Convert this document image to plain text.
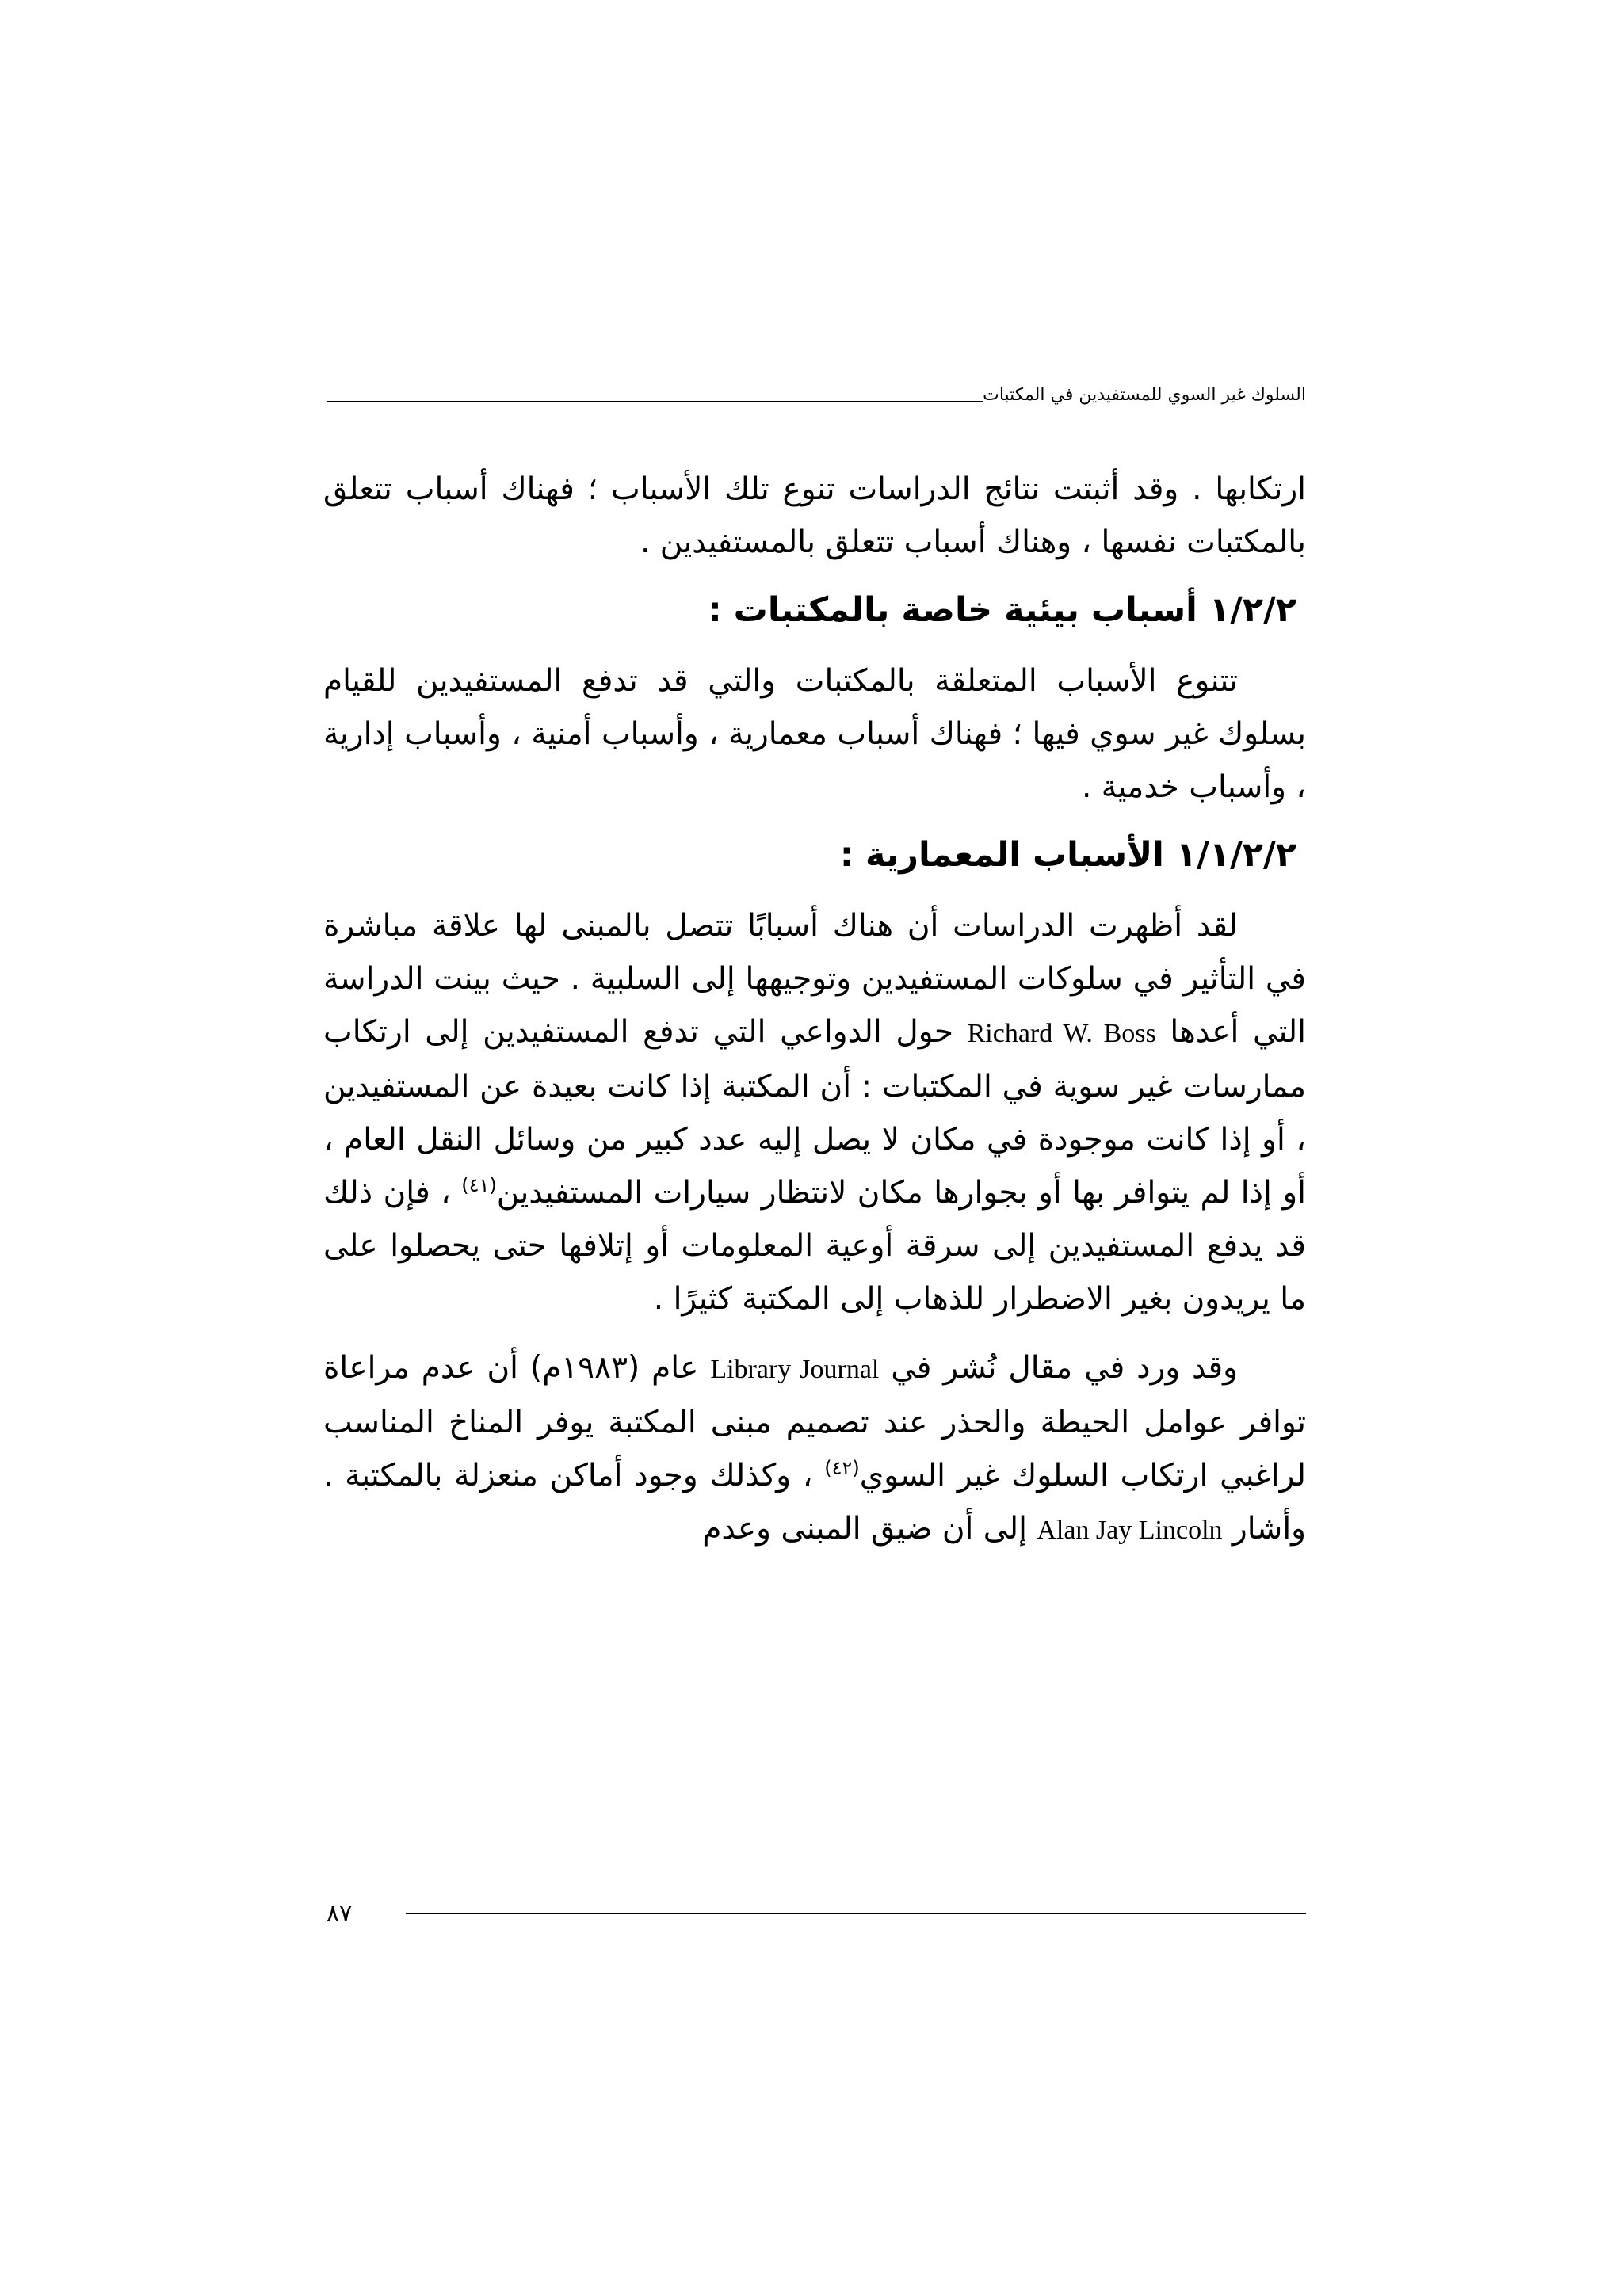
السلوك غير السوي للمستفيدين في المكتبات

ارتكابها . وقد أثبتت نتائج الدراسات تنوع تلك الأسباب ؛ فهناك أسباب تتعلق بالمكتبات نفسها ، وهناك أسباب تتعلق بالمستفيدين .

١/٢/٢ أسباب بيئية خاصة بالمكتبات :

تتنوع الأسباب المتعلقة بالمكتبات والتي قد تدفع المستفيدين للقيام بسلوك غير سوي فيها ؛ فهناك أسباب معمارية ، وأسباب أمنية ، وأسباب إدارية ، وأسباب خدمية .

١/١/٢/٢ الأسباب المعمارية :

لقد أظهرت الدراسات أن هناك أسبابًا تتصل بالمبنى لها علاقة مباشرة في التأثير في سلوكات المستفيدين وتوجيهها إلى السلبية . حيث بينت الدراسة التي أعدها Richard W. Boss حول الدواعي التي تدفع المستفيدين إلى ارتكاب ممارسات غير سوية في المكتبات : أن المكتبة إذا كانت بعيدة عن المستفيدين ، أو إذا كانت موجودة في مكان لا يصل إليه عدد كبير من وسائل النقل العام ، أو إذا لم يتوافر بها أو بجوارها مكان لانتظار سيارات المستفيدين$^{(٤١)}$ ، فإن ذلك قد يدفع المستفيدين إلى سرقة أوعية المعلومات أو إتلافها حتى يحصلوا على ما يريدون بغير الاضطرار للذهاب إلى المكتبة كثيرًا .

وقد ورد في مقال نُشر في Library Journal عام (١٩٨٣م) أن عدم مراعاة توافر عوامل الحيطة والحذر عند تصميم مبنى المكتبة يوفر المناخ المناسب لراغبي ارتكاب السلوك غير السوي$^{(٤٢)}$ ، وكذلك وجود أماكن منعزلة بالمكتبة . وأشار Alan Jay Lincoln إلى أن ضيق المبنى وعدم

٨٧
